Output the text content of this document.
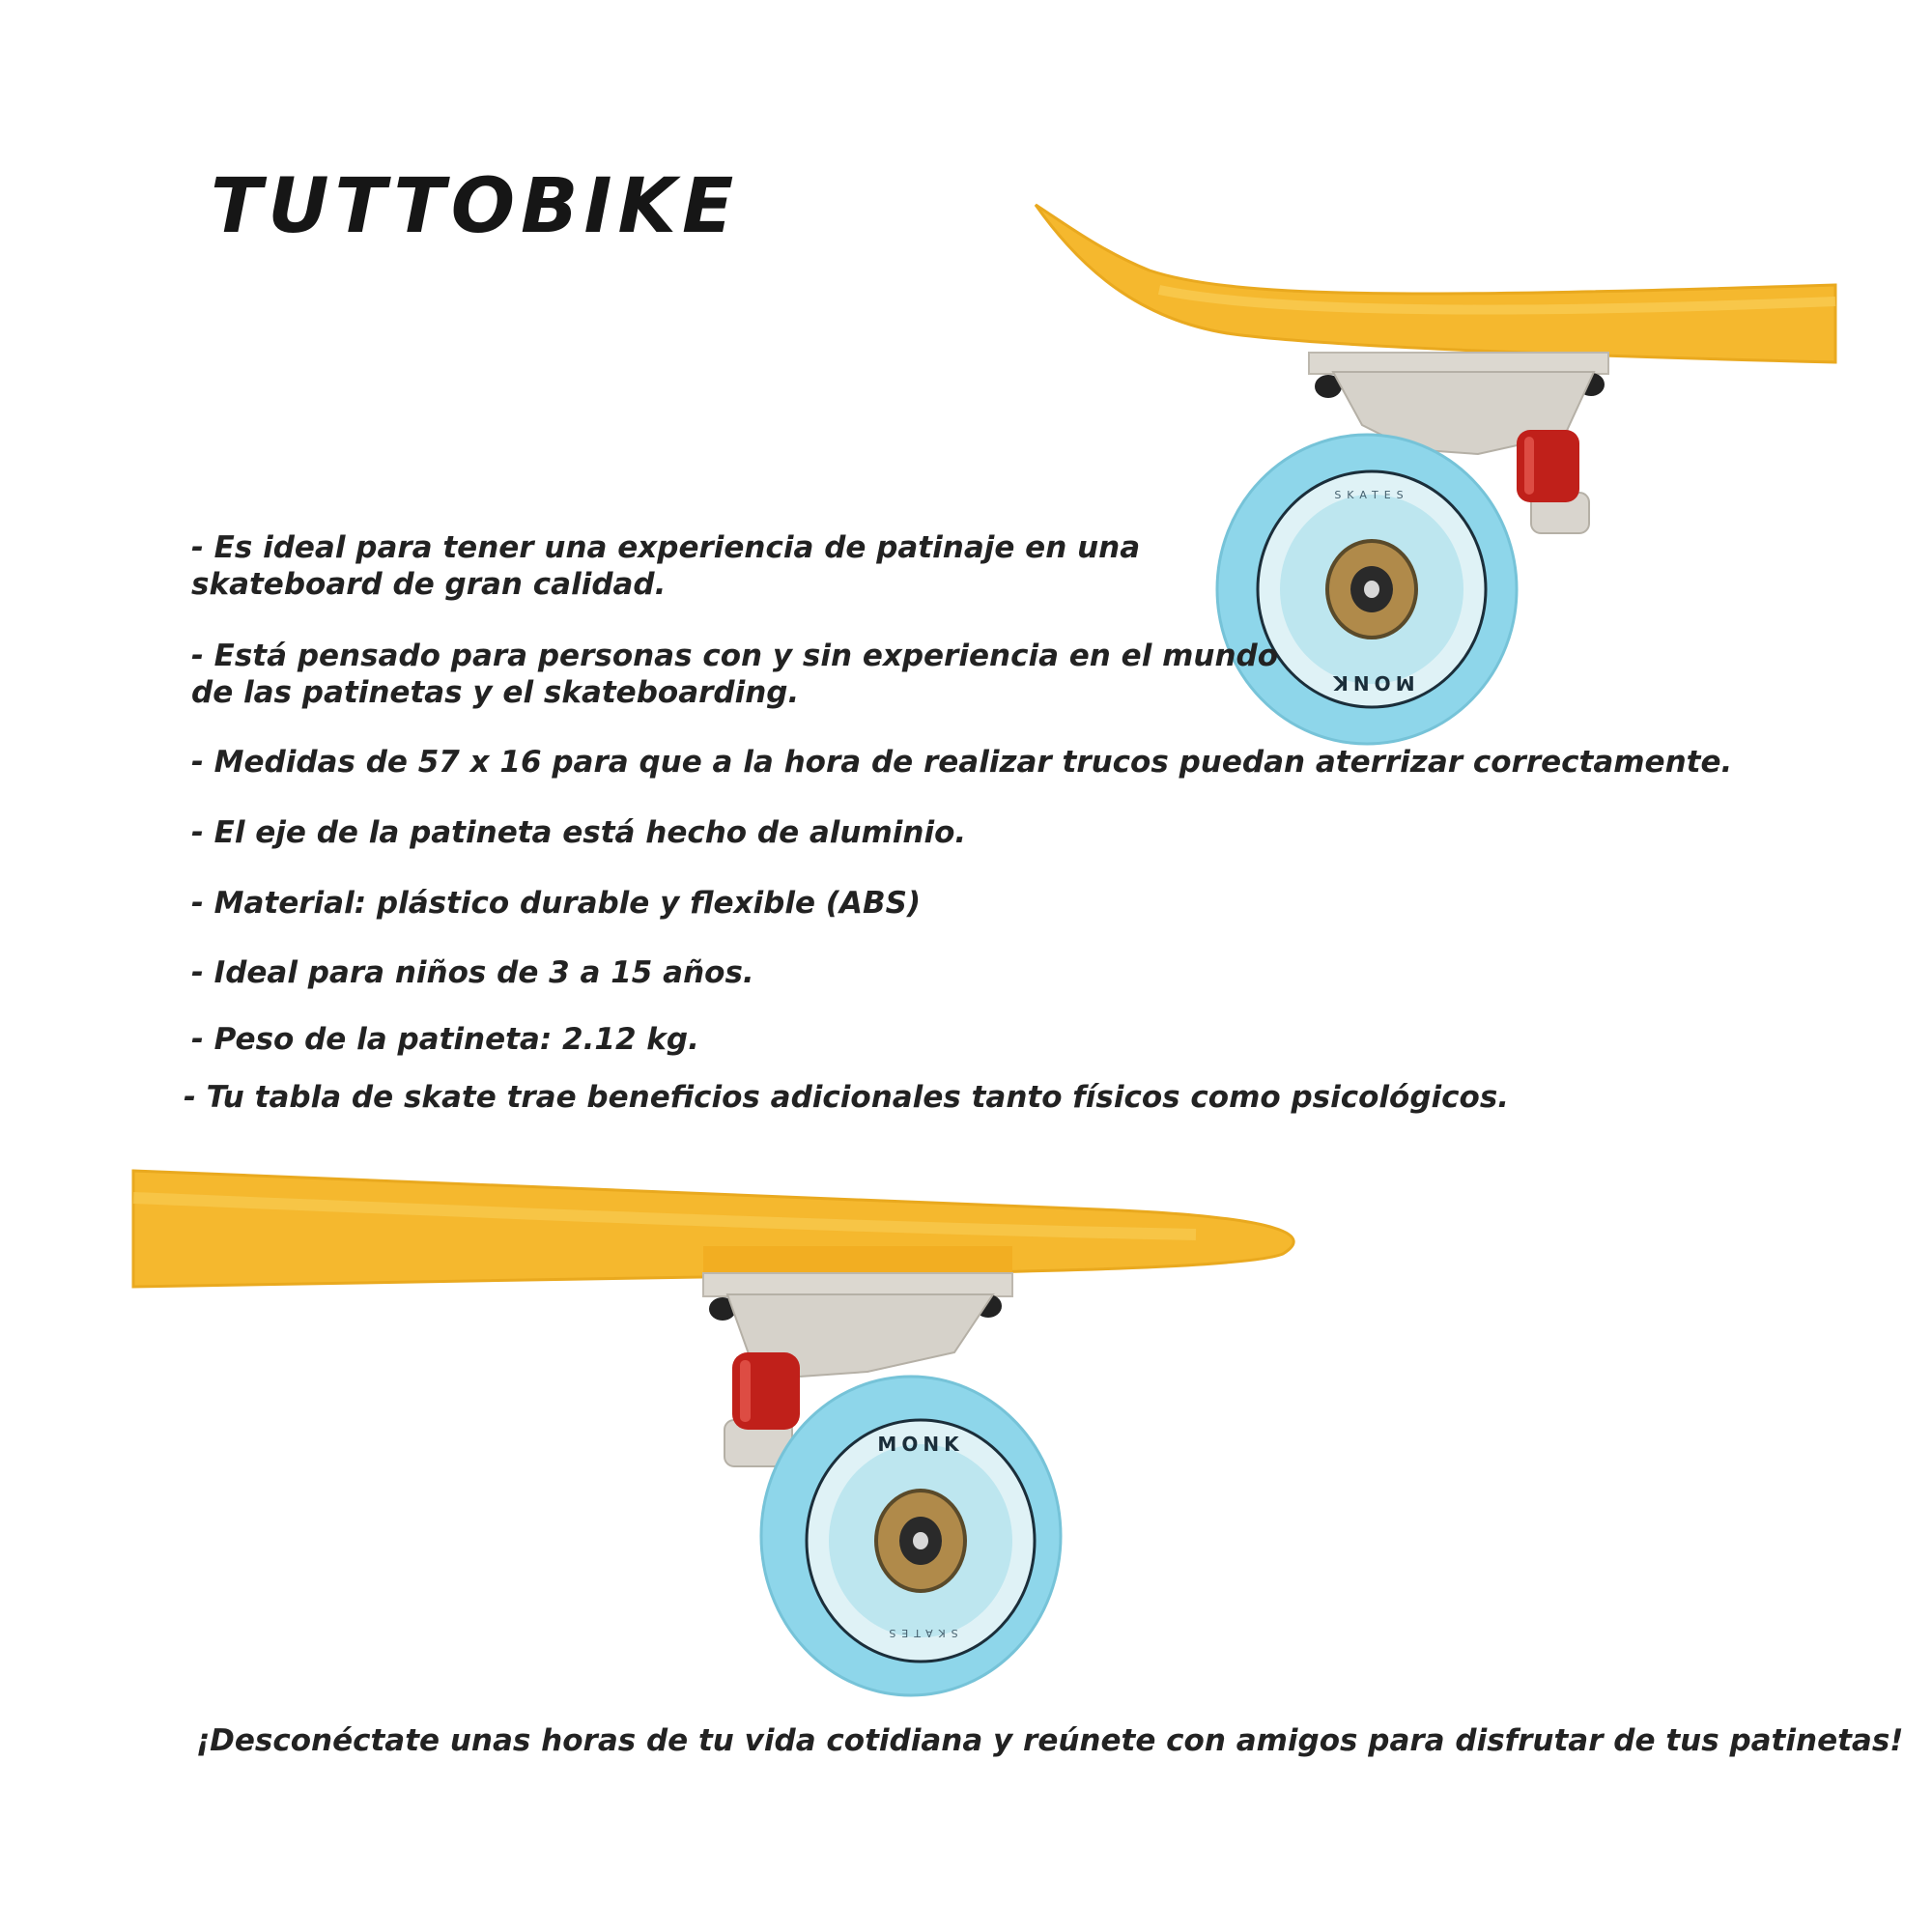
TUTTOBIKE
MONK
SKATES

- Es ideal para tener una experiencia de patinaje en una
skateboard de gran calidad.

- Está pensado para personas con y sin experiencia en el mundo
de las patinetas y el skateboarding.

- Medidas de 57 x 16 para que a la hora de realizar trucos puedan aterrizar correctamente.

- El eje de la patineta está hecho de aluminio.

- Material: plástico durable y flexible (ABS)

- Ideal para niños de 3 a 15 años.

- Peso de la patineta: 2.12 kg.

- Tu tabla de skate trae beneficios adicionales tanto físicos como psicológicos.

MONK
SKATES
¡Desconéctate unas horas de tu vida cotidiana y reúnete con amigos para disfrutar de tus patinetas!
